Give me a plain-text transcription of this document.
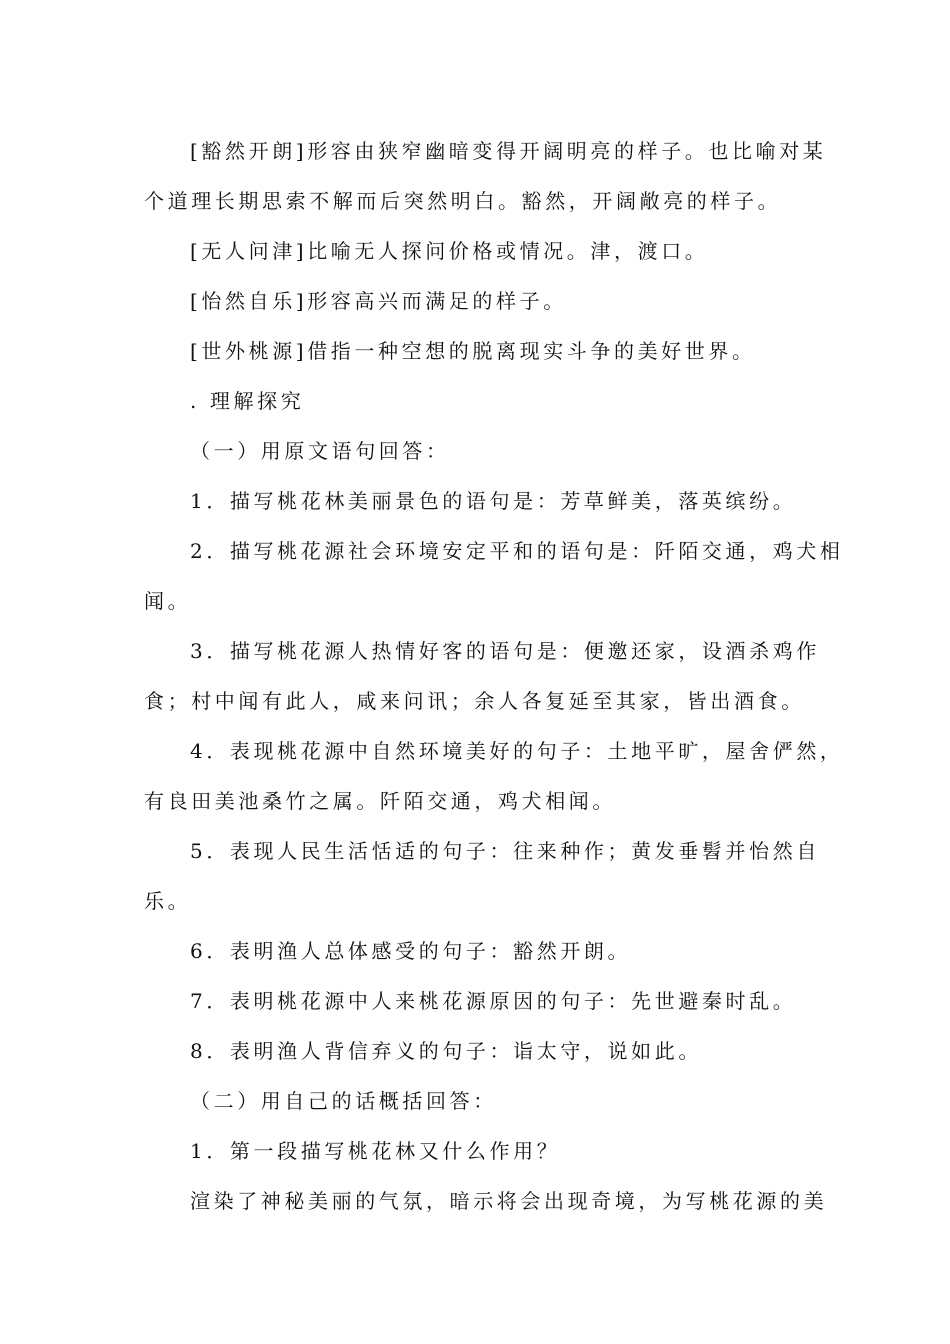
[豁然开朗]形容由狭窄幽暗变得开阔明亮的样子。也比喻对某
个道理长期思索不解而后突然明白。豁然，开阔敞亮的样子。
[无人问津]比喻无人探问价格或情况。津，渡口。
[怡然自乐]形容高兴而满足的样子。
[世外桃源]借指一种空想的脱离现实斗争的美好世界。
. 理解探究
（一）用原文语句回答：
1．描写桃花林美丽景色的语句是：芳草鲜美，落英缤纷。
2．描写桃花源社会环境安定平和的语句是：阡陌交通，鸡犬相
闻。
3．描写桃花源人热情好客的语句是：便邀还家，设酒杀鸡作
食；村中闻有此人，咸来问讯；余人各复延至其家，皆出酒食。
4．表现桃花源中自然环境美好的句子：土地平旷，屋舍俨然，
有良田美池桑竹之属。阡陌交通，鸡犬相闻。
5．表现人民生活恬适的句子：往来种作；黄发垂髫并怡然自
乐。
6．表明渔人总体感受的句子：豁然开朗。
7．表明桃花源中人来桃花源原因的句子：先世避秦时乱。
8．表明渔人背信弃义的句子：诣太守，说如此。
（二）用自己的话概括回答：
1．第一段描写桃花林又什么作用？
渲染了神秘美丽的气氛，暗示将会出现奇境，为写桃花源的美
